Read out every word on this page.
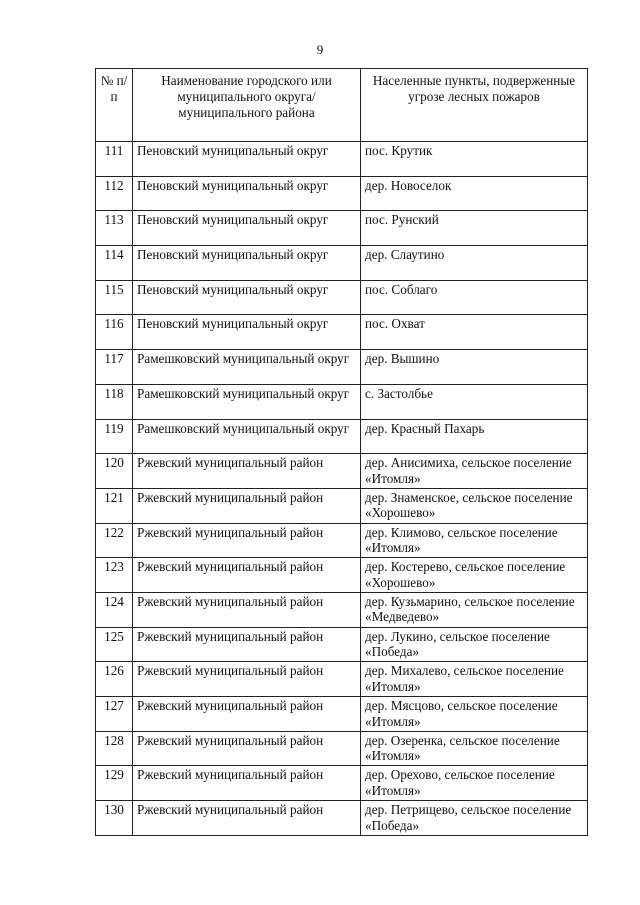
9
№ п/п	Наименование городского или муниципального округа/муниципального района	Населенные пункты, подверженные угрозе лесных пожаров
111	Пеновский муниципальный округ	пос. Крутик
112	Пеновский муниципальный округ	дер. Новоселок
113	Пеновский муниципальный округ	пос. Рунский
114	Пеновский муниципальный округ	дер. Слаутино
115	Пеновский муниципальный округ	пос. Соблаго
116	Пеновский муниципальный округ	пос. Охват
117	Рамешковский муниципальный округ	дер. Вышино
118	Рамешковский муниципальный округ	с. Застолбье
119	Рамешковский муниципальный округ	дер. Красный Пахарь
120	Ржевский муниципальный район	дер. Анисимиха, сельское поселение «Итомля»
121	Ржевский муниципальный район	дер. Знаменское, сельское поселение «Хорошево»
122	Ржевский муниципальный район	дер. Климово, сельское поселение «Итомля»
123	Ржевский муниципальный район	дер. Костерево, сельское поселение «Хорошево»
124	Ржевский муниципальный район	дер. Кузьмарино, сельское поселение «Медведево»
125	Ржевский муниципальный район	дер. Лукино, сельское поселение «Победа»
126	Ржевский муниципальный район	дер. Михалево, сельское поселение «Итомля»
127	Ржевский муниципальный район	дер. Мясцово, сельское поселение «Итомля»
128	Ржевский муниципальный район	дер. Озеренка, сельское поселение «Итомля»
129	Ржевский муниципальный район	дер. Орехово, сельское поселение «Итомля»
130	Ржевский муниципальный район	дер. Петрищево, сельское поселение «Победа»
